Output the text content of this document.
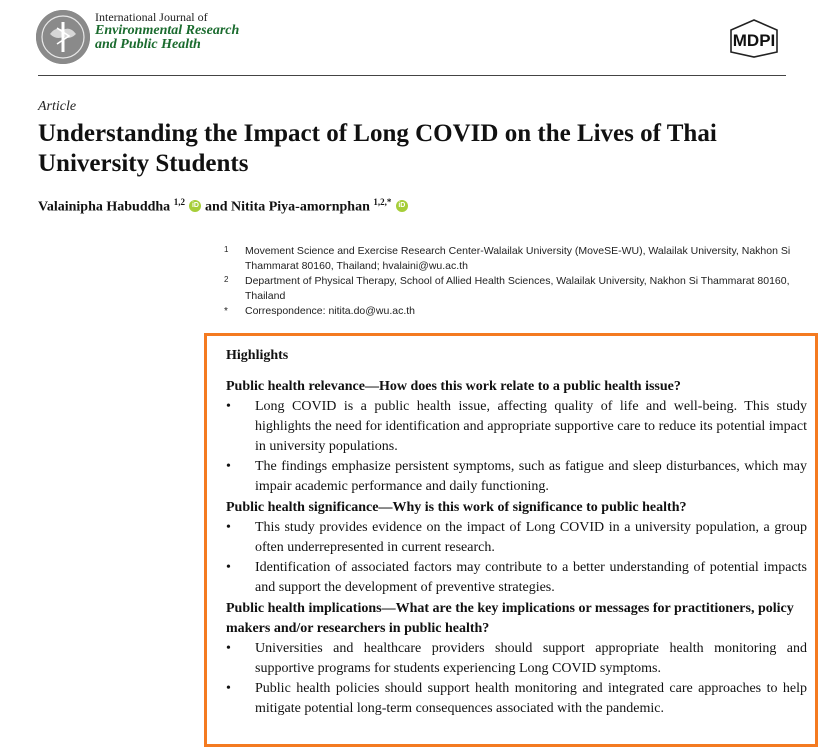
International Journal of
Environmental Research
and Public Health	MDPI
Article
Understanding the Impact of Long COVID on the Lives of Thai University Students
Valainipha Habuddha $^{1,2}$ iD and Nitita Piya-amornphan $^{1,2,*}$ iD
1 Movement Science and Exercise Research Center-Walailak University (MoveSE-WU), Walailak University, Nakhon Si Thammarat 80160, Thailand; hvalaini@wu.ac.th
2 Department of Physical Therapy, School of Allied Health Sciences, Walailak University, Nakhon Si Thammarat 80160, Thailand
* Correspondence: nitita.do@wu.ac.th
Highlights
Public health relevance—How does this work relate to a public health issue?
• Long COVID is a public health issue, affecting quality of life and well-being. This study highlights the need for identification and appropriate supportive care to reduce its potential impact in university populations.
• The findings emphasize persistent symptoms, such as fatigue and sleep disturbances, which may impair academic performance and daily functioning.
Public health significance—Why is this work of significance to public health?
• This study provides evidence on the impact of Long COVID in a university population, a group often underrepresented in current research.
• Identification of associated factors may contribute to a better understanding of potential impacts and support the development of preventive strategies.
Public health implications—What are the key implications or messages for practitioners, policy makers and/or researchers in public health?
• Universities and healthcare providers should support appropriate health monitoring and supportive programs for students experiencing Long COVID symptoms.
• Public health policies should support health monitoring and integrated care approaches to help mitigate potential long-term consequences associated with the pandemic.
